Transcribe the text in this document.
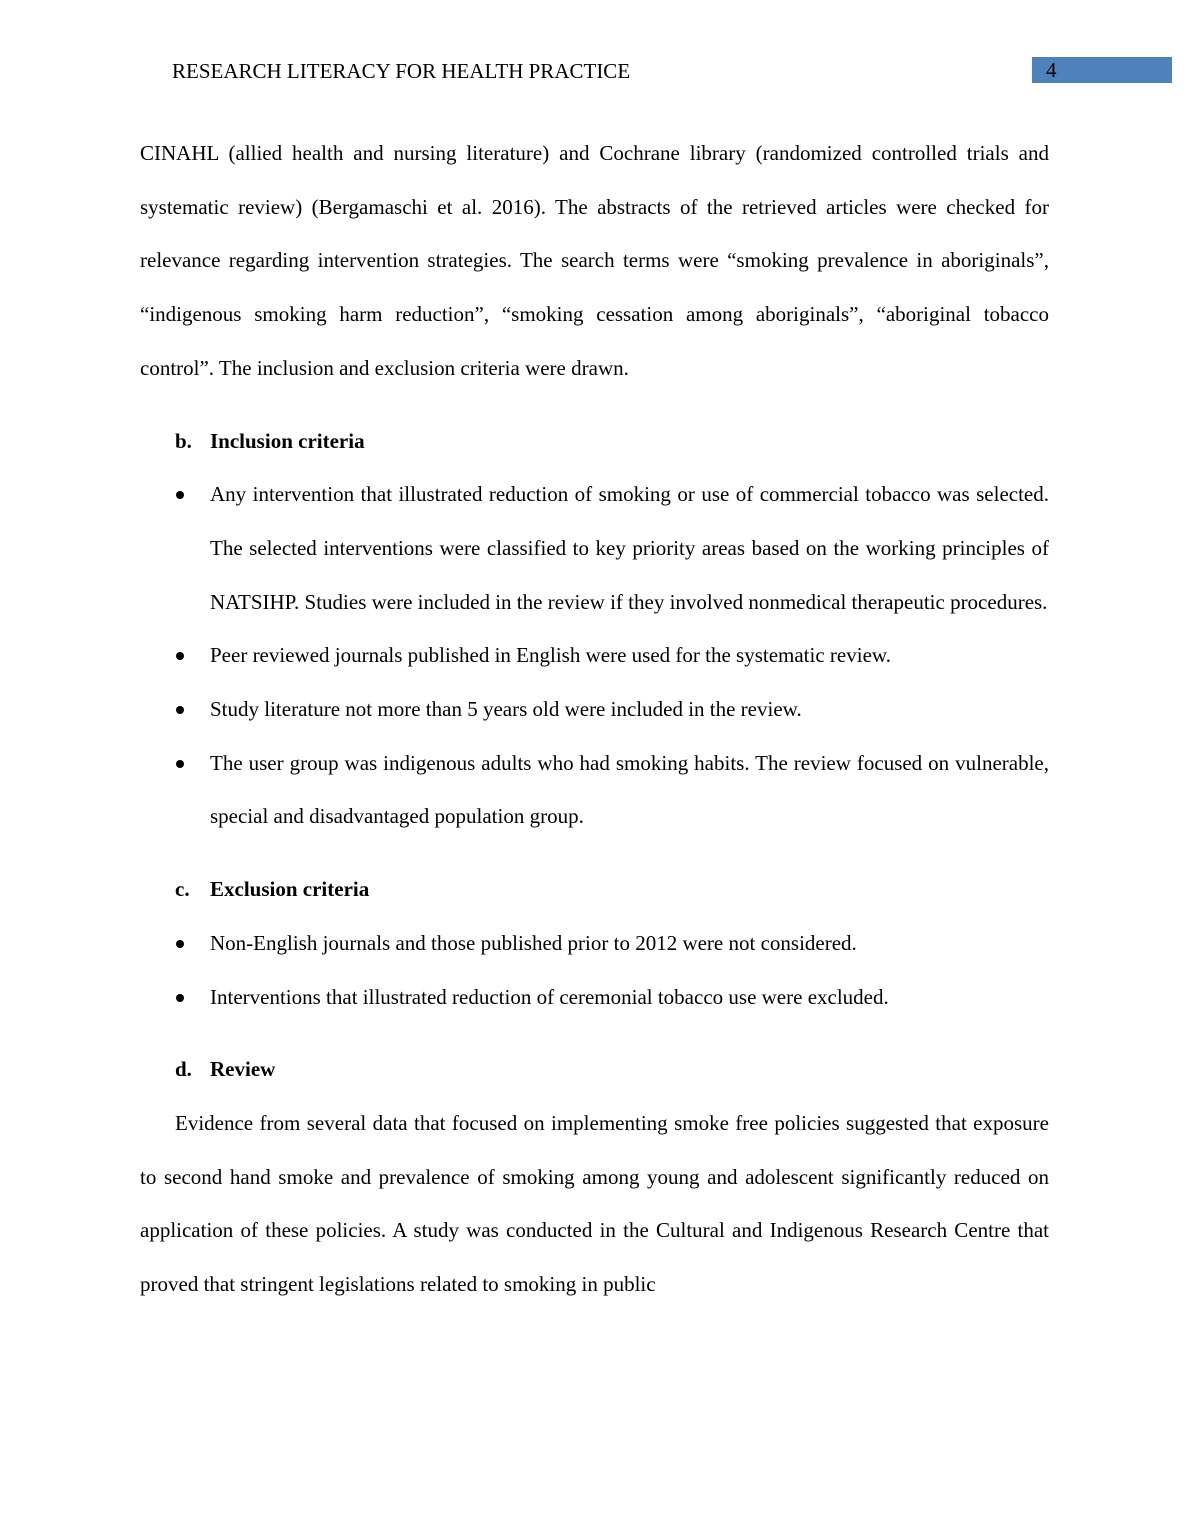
RESEARCH LITERACY FOR HEALTH PRACTICE	4

CINAHL (allied health and nursing literature) and Cochrane library (randomized controlled trials and systematic review) (Bergamaschi et al. 2016). The abstracts of the retrieved articles were checked for relevance regarding intervention strategies. The search terms were “smoking prevalence in aboriginals”, “indigenous smoking harm reduction”, “smoking cessation among aboriginals”, “aboriginal tobacco control”. The inclusion and exclusion criteria were drawn.

b. Inclusion criteria
Any intervention that illustrated reduction of smoking or use of commercial tobacco was selected. The selected interventions were classified to key priority areas based on the working principles of NATSIHP. Studies were included in the review if they involved nonmedical therapeutic procedures.
Peer reviewed journals published in English were used for the systematic review.
Study literature not more than 5 years old were included in the review.
The user group was indigenous adults who had smoking habits. The review focused on vulnerable, special and disadvantaged population group.
c. Exclusion criteria
Non-English journals and those published prior to 2012 were not considered.
Interventions that illustrated reduction of ceremonial tobacco use were excluded.
d. Review

Evidence from several data that focused on implementing smoke free policies suggested that exposure to second hand smoke and prevalence of smoking among young and adolescent significantly reduced on application of these policies. A study was conducted in the Cultural and Indigenous Research Centre that proved that stringent legislations related to smoking in public
